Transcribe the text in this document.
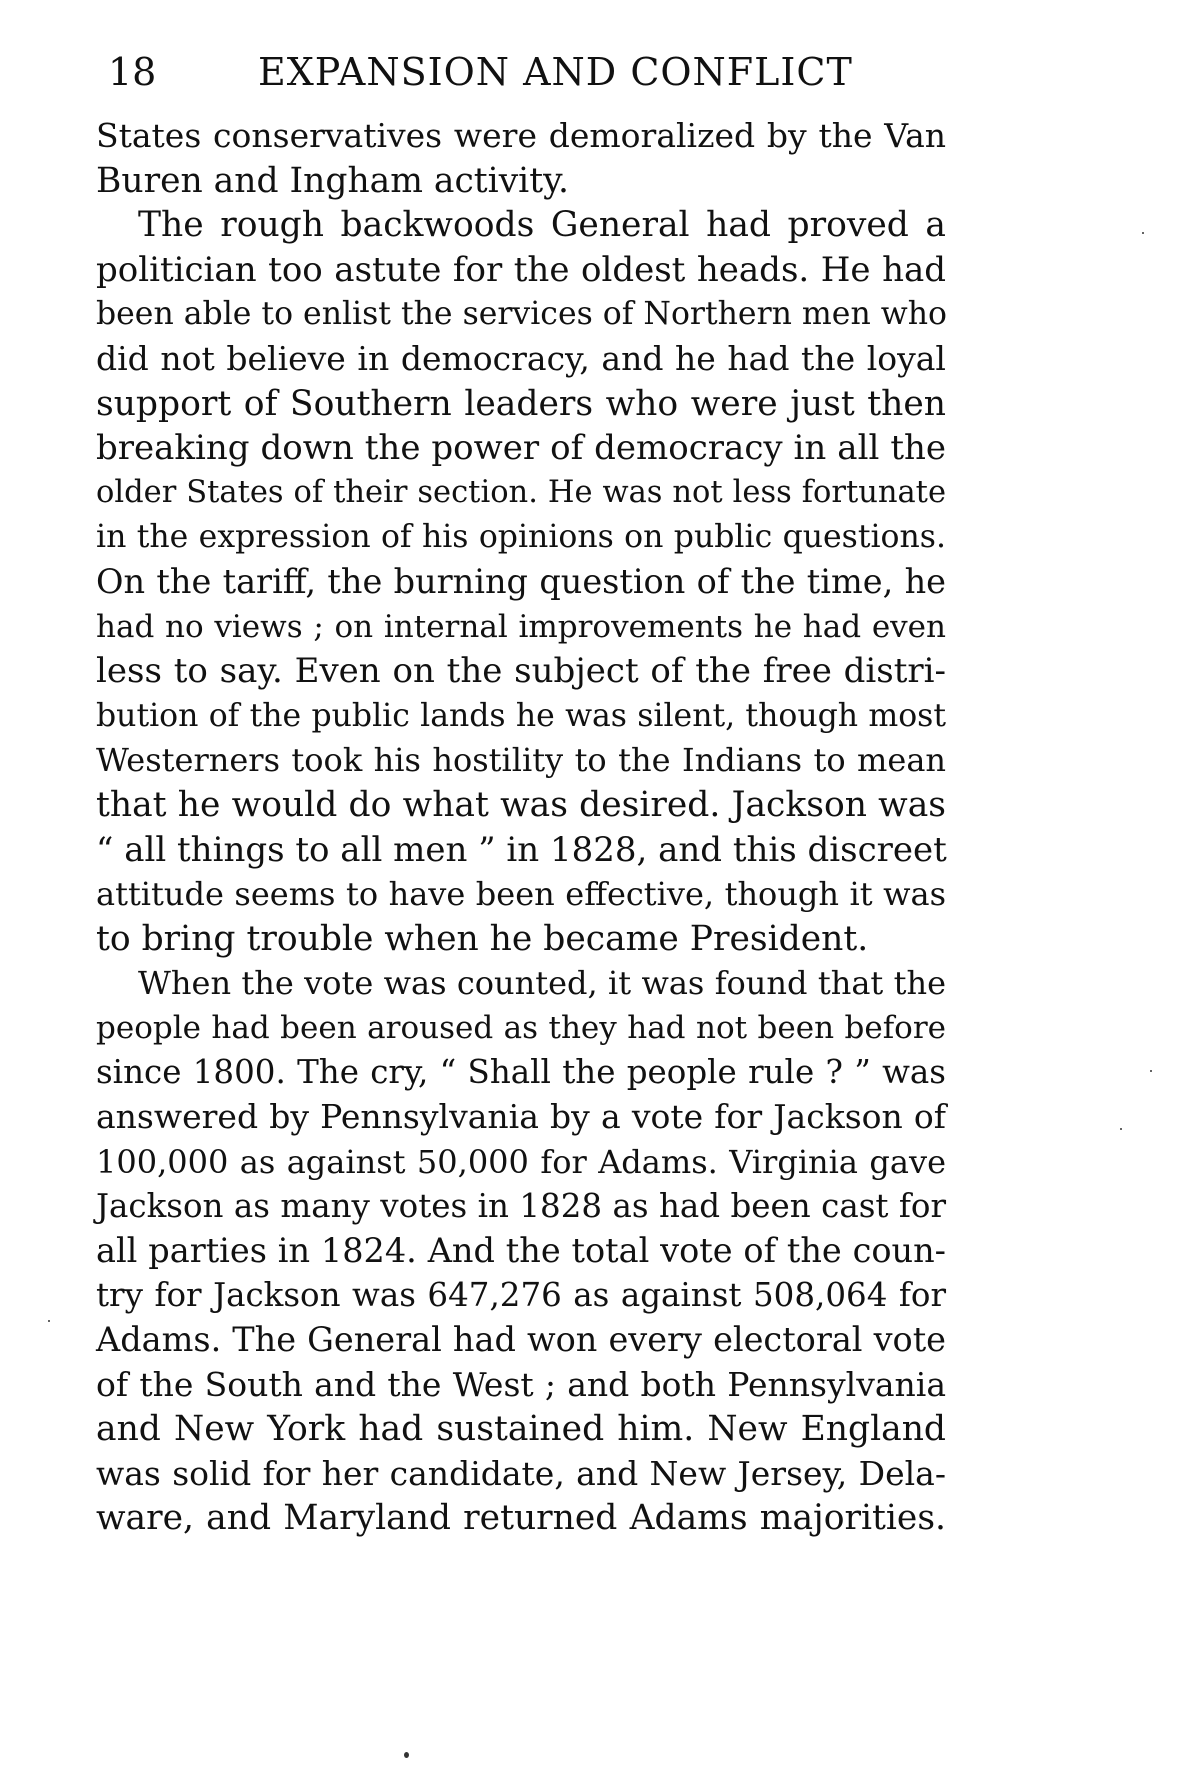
18	EXPANSION AND CONFLICT
States conservatives were demoralized by the Van
Buren and Ingham activity.
The rough backwoods General had proved a
politician too astute for the oldest heads. He had
been able to enlist the services of Northern men who
did not believe in democracy, and he had the loyal
support of Southern leaders who were just then
breaking down the power of democracy in all the
older States of their section. He was not less fortunate
in the expression of his opinions on public questions.
On the tariff, the burning question of the time, he
had no views ; on internal improvements he had even
less to say. Even on the subject of the free distri-
bution of the public lands he was silent, though most
Westerners took his hostility to the Indians to mean
that he would do what was desired. Jackson was
“ all things to all men ” in 1828, and this discreet
attitude seems to have been effective, though it was
to bring trouble when he became President.
When the vote was counted, it was found that the
people had been aroused as they had not been before
since 1800. The cry, “ Shall the people rule ? ” was
answered by Pennsylvania by a vote for Jackson of
100,000 as against 50,000 for Adams. Virginia gave
Jackson as many votes in 1828 as had been cast for
all parties in 1824. And the total vote of the coun-
try for Jackson was 647,276 as against 508,064 for
Adams. The General had won every electoral vote
of the South and the West ; and both Pennsylvania
and New York had sustained him. New England
was solid for her candidate, and New Jersey, Dela-
ware, and Maryland returned Adams majorities.
